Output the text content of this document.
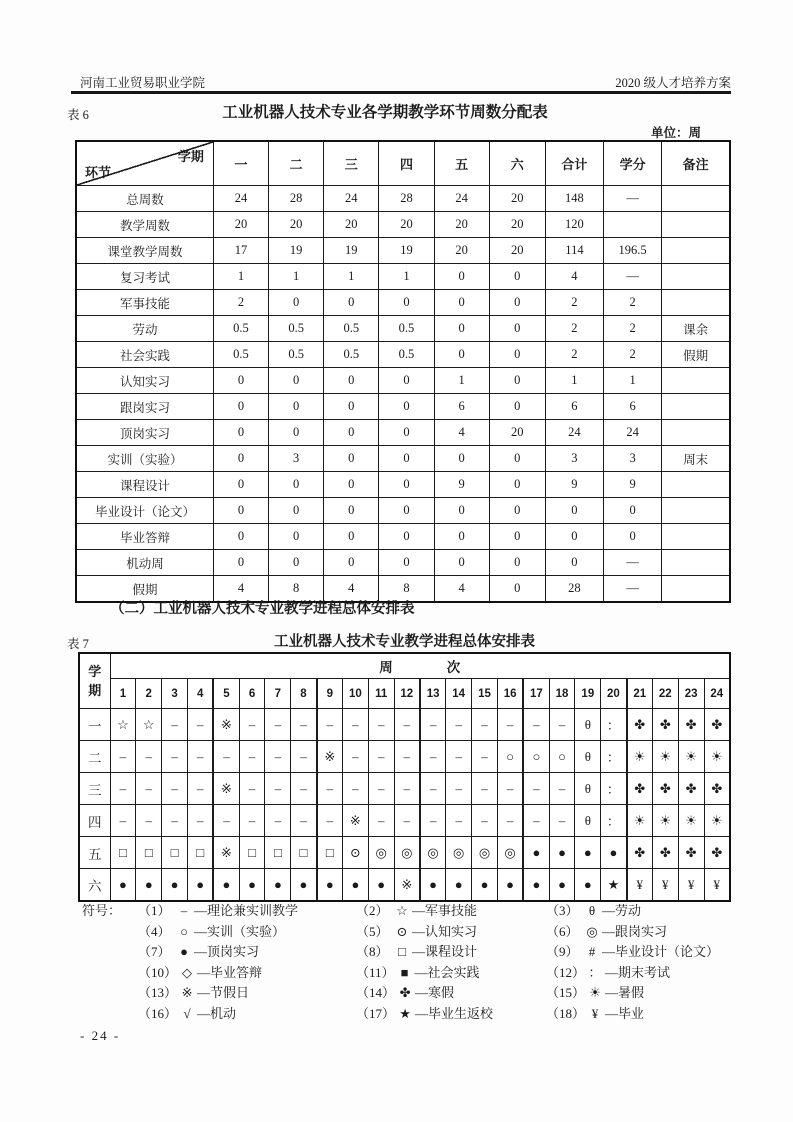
河南工业贸易职业学院	2020 级人才培养方案
表 6	工业机器人技术专业各学期教学环节周数分配表
单位：周
学期
环节	一	二	三	四	五	六	合计	学分	备注
总周数	24	28	24	28	24	20	148	—	
教学周数	20	20	20	20	20	20	120		
课堂教学周数	17	19	19	19	20	20	114	196.5	
复习考试	1	1	1	1	0	0	4	—	
军事技能	2	0	0	0	0	0	2	2	
劳动	0.5	0.5	0.5	0.5	0	0	2	2	课余
社会实践	0.5	0.5	0.5	0.5	0	0	2	2	假期
认知实习	0	0	0	0	1	0	1	1	
跟岗实习	0	0	0	0	6	0	6	6	
顶岗实习	0	0	0	0	4	20	24	24	
实训（实验）	0	3	0	0	0	0	3	3	周末
课程设计	0	0	0	0	9	0	9	9	
毕业设计（论文）	0	0	0	0	0	0	0	0	
毕业答辩	0	0	0	0	0	0	0	0	
机动周	0	0	0	0	0	0	0	—	
假期	4	8	4	8	4	0	28	—	
（二）工业机器人技术专业教学进程总体安排表
表 7	工业机器人技术专业教学进程总体安排表
学期	周　　　　次																							
	1	2	3	4	5	6	7	8	9	10	11	12	13	14	15	16	17	18	19	20	21	22	23	24
一	☆	☆	–	–	※	–	–	–	–	–	–	–	–	–	–	–	–	–	θ	：	✤	✤	✤	✤
二	–	–	–	–	–	–	–	–	※	–	–	–	–	–	–	○	○	○	θ	：	☀	☀	☀	☀
三	–	–	–	–	※	–	–	–	–	–	–	–	–	–	–	–	–	–	θ	：	✤	✤	✤	✤
四	–	–	–	–	–	–	–	–	–	※	–	–	–	–	–	–	–	–	θ	：	☀	☀	☀	☀
五	□	□	□	□	※	□	□	□	□	⊙	◎	◎	◎	◎	◎	◎	●	●	●	●	✤	✤	✤	✤
六	●	●	●	●	●	●	●	●	●	●	●	※	●	●	●	●	●	●	●	★	¥	¥	¥	¥
符号：	（1） – —理论兼实训教学	（2） ☆ —军事技能	（3） θ —劳动
（4） ○ —实训（实验）	（5） ⊙ —认知实习	（6） ◎ —跟岗实习
（7） ● —顶岗实习	（8） □ —课程设计	（9） # —毕业设计（论文）
（10） ◇ —毕业答辩	（11） ■ —社会实践	（12） ： —期末考试
（13） ※ —节假日	（14） ✤ —寒假	（15） ☀ —暑假
（16） √ —机动	（17） ★ —毕业生返校	（18） ¥ —毕业
- 24 -
